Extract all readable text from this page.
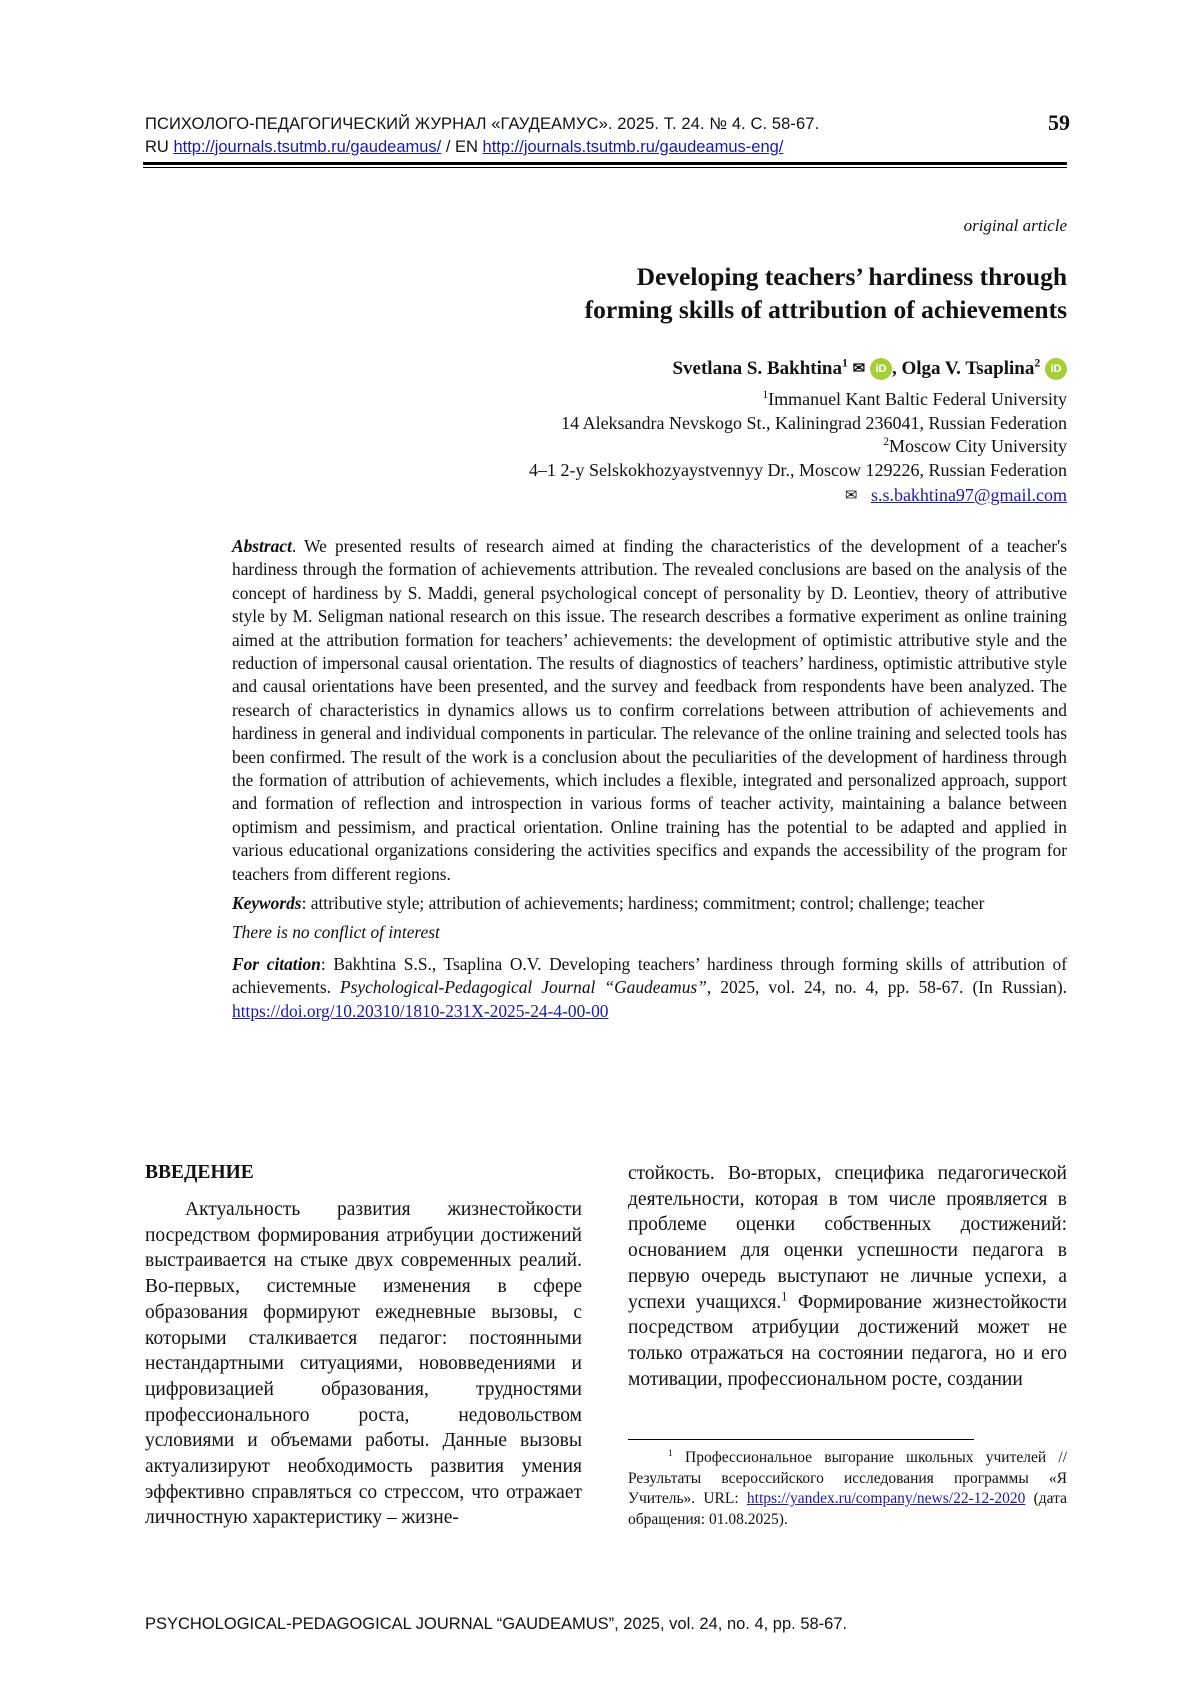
ПСИХОЛОГО-ПЕДАГОГИЧЕСКИЙ ЖУРНАЛ «ГАУДЕАМУС». 2025. Т. 24. № 4. С. 58-67.
RU http://journals.tsutmb.ru/gaudeamus/ / EN http://journals.tsutmb.ru/gaudeamus-eng/
59
original article
Developing teachers’ hardiness through
forming skills of attribution of achievements
Svetlana S. Bakhtina$^1$ ✉ iD , Olga V. Tsaplina$^2$ iD
$^1$Immanuel Kant Baltic Federal University
14 Aleksandra Nevskogo St., Kaliningrad 236041, Russian Federation
$^2$Moscow City University
4–1 2-y Selskokhozyaystvennyy Dr., Moscow 129226, Russian Federation
✉ s.s.bakhtina97@gmail.com

Abstract. We presented results of research aimed at finding the characteristics of the development of a teacher's hardiness through the formation of achievements attribution. The revealed conclusions are based on the analysis of the concept of hardiness by S. Maddi, general psychological concept of personality by D. Leontiev, theory of attributive style by M. Seligman national research on this issue. The research describes a formative experiment as online training aimed at the attribution formation for teachers’ achievements: the development of optimistic attributive style and the reduction of impersonal causal orientation. The results of diagnostics of teachers’ hardiness, optimistic attributive style and causal orientations have been presented, and the survey and feedback from respondents have been analyzed. The research of characteristics in dynamics allows us to confirm correlations between attribution of achievements and hardiness in general and individual components in particular. The relevance of the online training and selected tools has been confirmed. The result of the work is a conclusion about the peculiarities of the development of hardiness through the formation of attribution of achievements, which includes a flexible, integrated and personalized approach, support and formation of reflection and introspection in various forms of teacher activity, maintaining a balance between optimism and pessimism, and practical orientation. Online training has the potential to be adapted and applied in various educational organizations considering the activities specifics and expands the accessibility of the program for teachers from different regions.

Keywords: attributive style; attribution of achievements; hardiness; commitment; control; challenge; teacher

There is no conflict of interest

For citation: Bakhtina S.S., Tsaplina O.V. Developing teachers’ hardiness through forming skills of attribution of achievements. Psychological-Pedagogical Journal “Gaudeamus”, 2025, vol. 24, no. 4, pp. 58-67. (In Russian). https://doi.org/10.20310/1810-231X-2025-24-4-00-00

ВВЕДЕНИЕ

Актуальность развития жизнестойкости посредством формирования атрибуции достижений выстраивается на стыке двух современных реалий. Во-первых, системные изменения в сфере образования формируют ежедневные вызовы, с которыми сталкивается педагог: постоянными нестандартными ситуациями, нововведениями и цифровизацией образования, трудностями профессионального роста, недовольством условиями и объемами работы. Данные вызовы актуализируют необходимость развития умения эффективно справляться со стрессом, что отражает личностную характеристику – жизне-

стойкость. Во-вторых, специфика педагогической деятельности, которая в том числе проявляется в проблеме оценки собственных достижений: основанием для оценки успешности педагога в первую очередь выступают не личные успехи, а успехи учащихся.$^1$ Формирование жизнестойкости посредством атрибуции достижений может не только отражаться на состоянии педагога, но и его мотивации, профессиональном росте, создании

$^1$ Профессиональное выгорание школьных учителей // Результаты всероссийского исследования программы «Я Учитель». URL: https://yandex.ru/company/news/22-12-2020 (дата обращения: 01.08.2025).

PSYCHOLOGICAL-PEDAGOGICAL JOURNAL “GAUDEAMUS”, 2025, vol. 24, no. 4, pp. 58-67.
